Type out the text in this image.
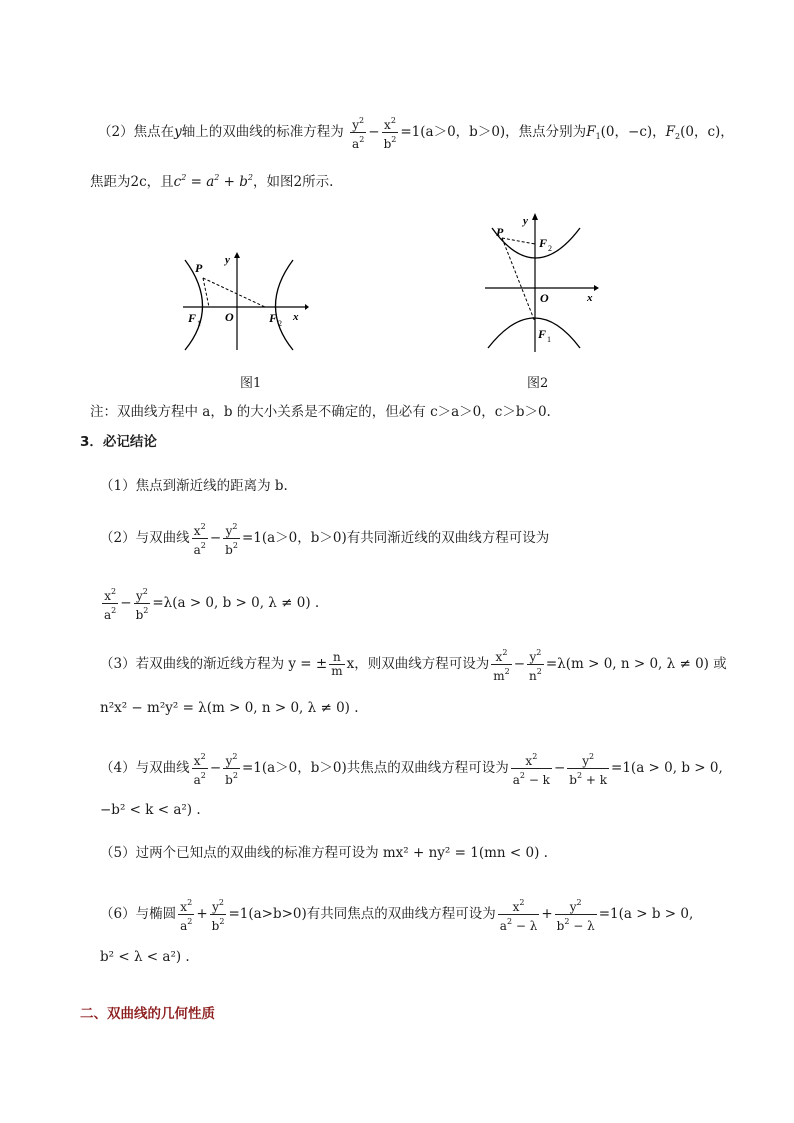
（2）焦点在y轴上的双曲线的标准方程为 $\frac{y^2}{a^2} - \frac{x^2}{b^2} =1(a>0$，b＞0)，焦点分别为$F_1(0$，−c)，$F_2(0$，c)，
焦距为2c，且$c^2 = a^2 + b^2$，如图2所示.
P
y
O
F 1	F 2
x
图1
P
y
F 2
O	x
F 1
图2
注：双曲线方程中 a，b 的大小关系是不确定的，但必有 c＞a＞0，c＞b＞0.
3．必记结论
（1）焦点到渐近线的距离为 b.
（2）与双曲线 $\frac{x^2}{a^2} - \frac{y^2}{b^2} =1(a>0$，b＞0)有共同渐近线的双曲线方程可设为
$\frac{x^2}{a^2} - \frac{y^2}{b^2} =\lambda(a > 0$, b > 0, λ ≠ 0) .
（3）若双曲线的渐近线方程为 y = ± $\frac{n}{m}$ x，则双曲线方程可设为 $\frac{x^2}{m^2} - \frac{y^2}{n^2} =\lambda(m > 0$, n > 0, λ ≠ 0) 或
n²x² − m²y² = λ(m > 0, n > 0, λ ≠ 0) .
（4）与双曲线 $\frac{x^2}{a^2} - \frac{y^2}{b^2} =1(a>0$，b＞0)共焦点的双曲线方程可设为 $\frac{x^2}{a^2 - k} - \frac{y^2}{b^2 + k} =1(a > 0$, b > 0,
−b² < k < a²) .
（5）过两个已知点的双曲线的标准方程可设为 mx² + ny² = 1(mn < 0) .
（6）与椭圆 $\frac{x^2}{a^2} + \frac{y^2}{b^2} =1(a>b>0)$有共同焦点的双曲线方程可设为 $\frac{x^2}{a^2 - \lambda} + \frac{y^2}{b^2 - \lambda} =1(a > b > 0$,
b² < λ < a²) .
二、双曲线的几何性质
